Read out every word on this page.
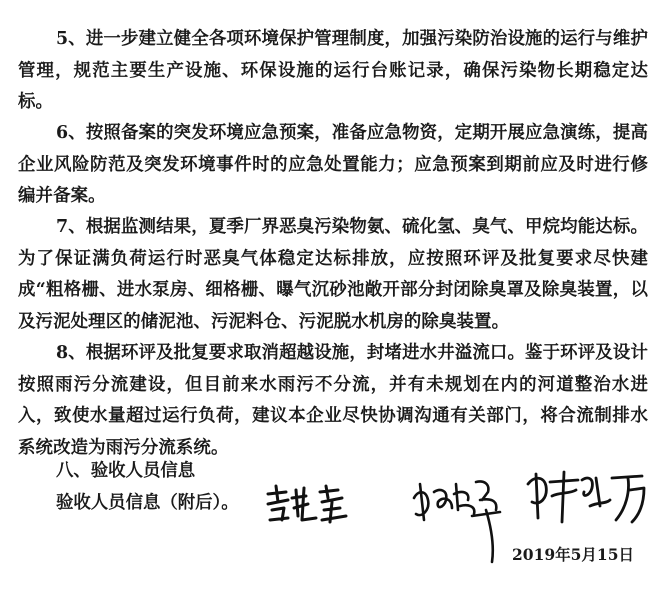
5、进一步建立健全各项环境保护管理制度，加强污染防治设施的运行与维护管理，规范主要生产设施、环保设施的运行台账记录，确保污染物长期稳定达标。

6、按照备案的突发环境应急预案，准备应急物资，定期开展应急演练，提高企业风险防范及突发环境事件时的应急处置能力；应急预案到期前应及时进行修编并备案。

7、根据监测结果，夏季厂界恶臭污染物氨、硫化氢、臭气、甲烷均能达标。为了保证满负荷运行时恶臭气体稳定达标排放，应按照环评及批复要求尽快建成“粗格栅、进水泵房、细格栅、曝气沉砂池敞开部分封闭除臭罩及除臭装置，以及污泥处理区的储泥池、污泥料仓、污泥脱水机房的除臭装置。

8、根据环评及批复要求取消超越设施，封堵进水井溢流口。鉴于环评及设计按照雨污分流建设，但目前来水雨污不分流，并有未规划在内的河道整治水进入，致使水量超过运行负荷，建议本企业尽快协调沟通有关部门，将合流制排水系统改造为雨污分流系统。

八、验收人员信息

验收人员信息（附后）。

2019年5月15日
